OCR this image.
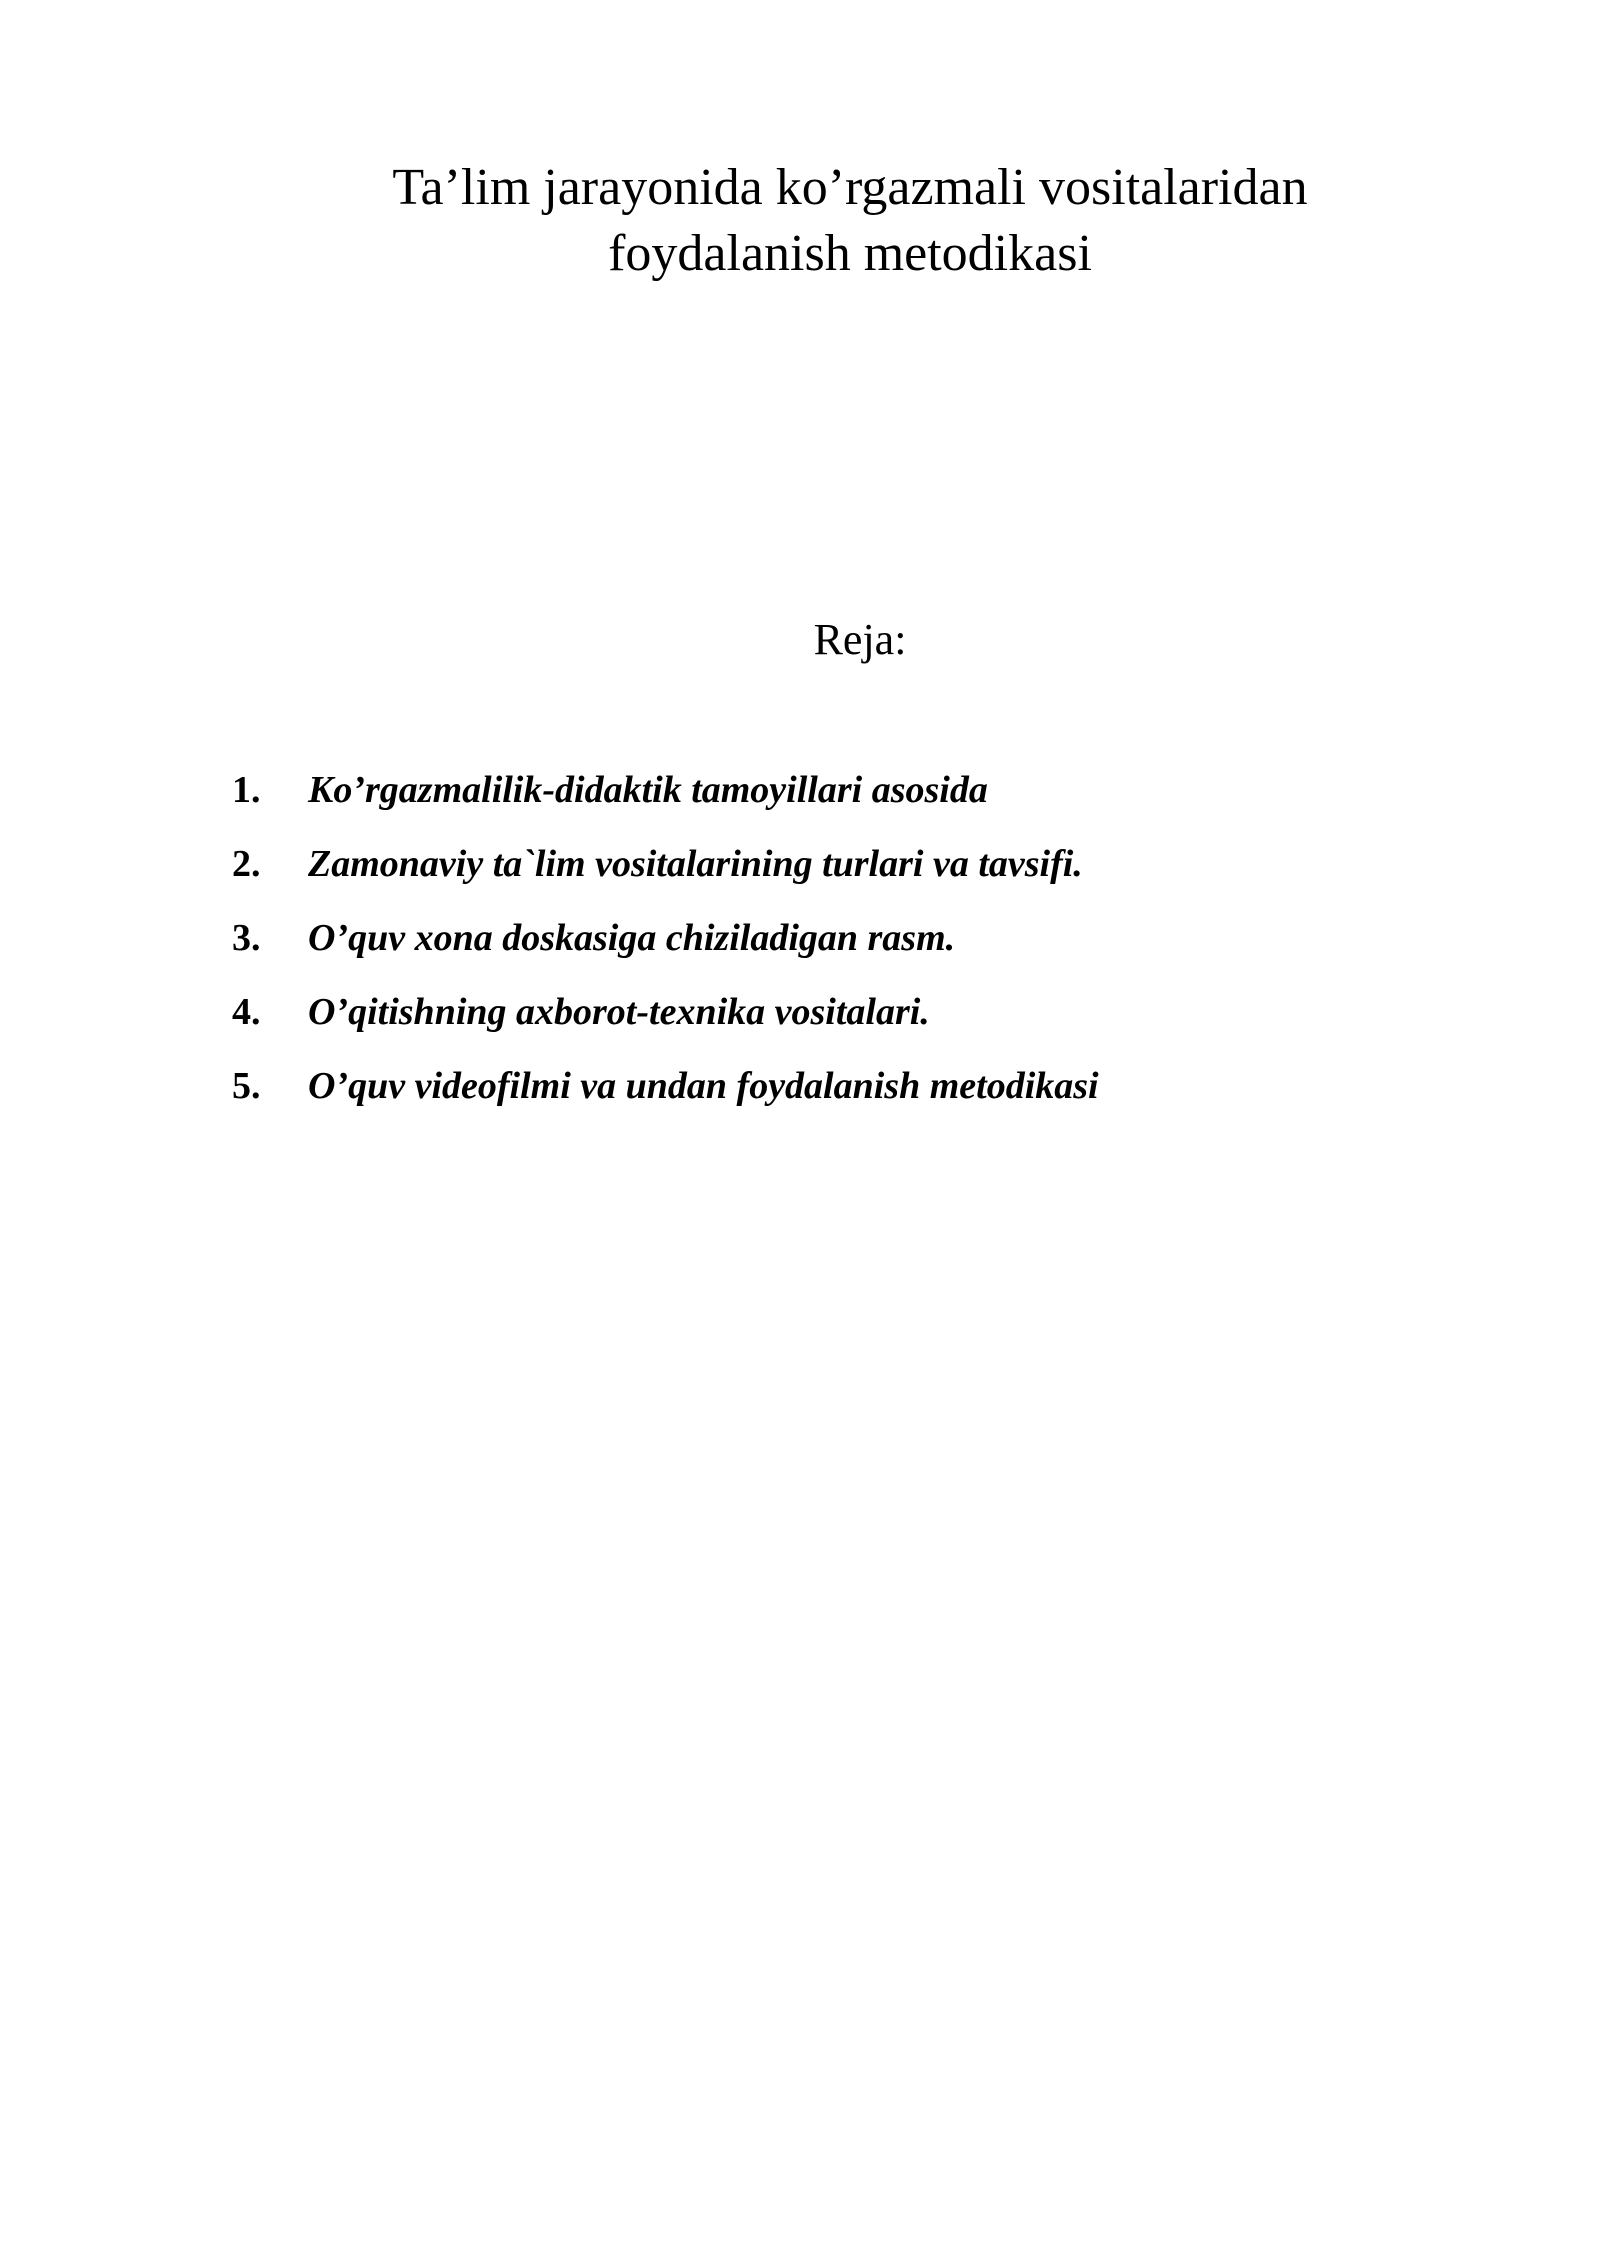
Ta’lim jarayonida ko’rgazmali vositalaridan
foydalanish metodikasi
Reja:
1. Ko’rgazmalilik-didaktik tamoyillari asosida
2. Zamonaviy ta`lim vositalarining turlari va tavsifi.
3. O’quv xona doskasiga chiziladigan rasm.
4. O’qitishning axborot-texnika vositalari.
5. O’quv videofilmi va undan foydalanish metodikasi
